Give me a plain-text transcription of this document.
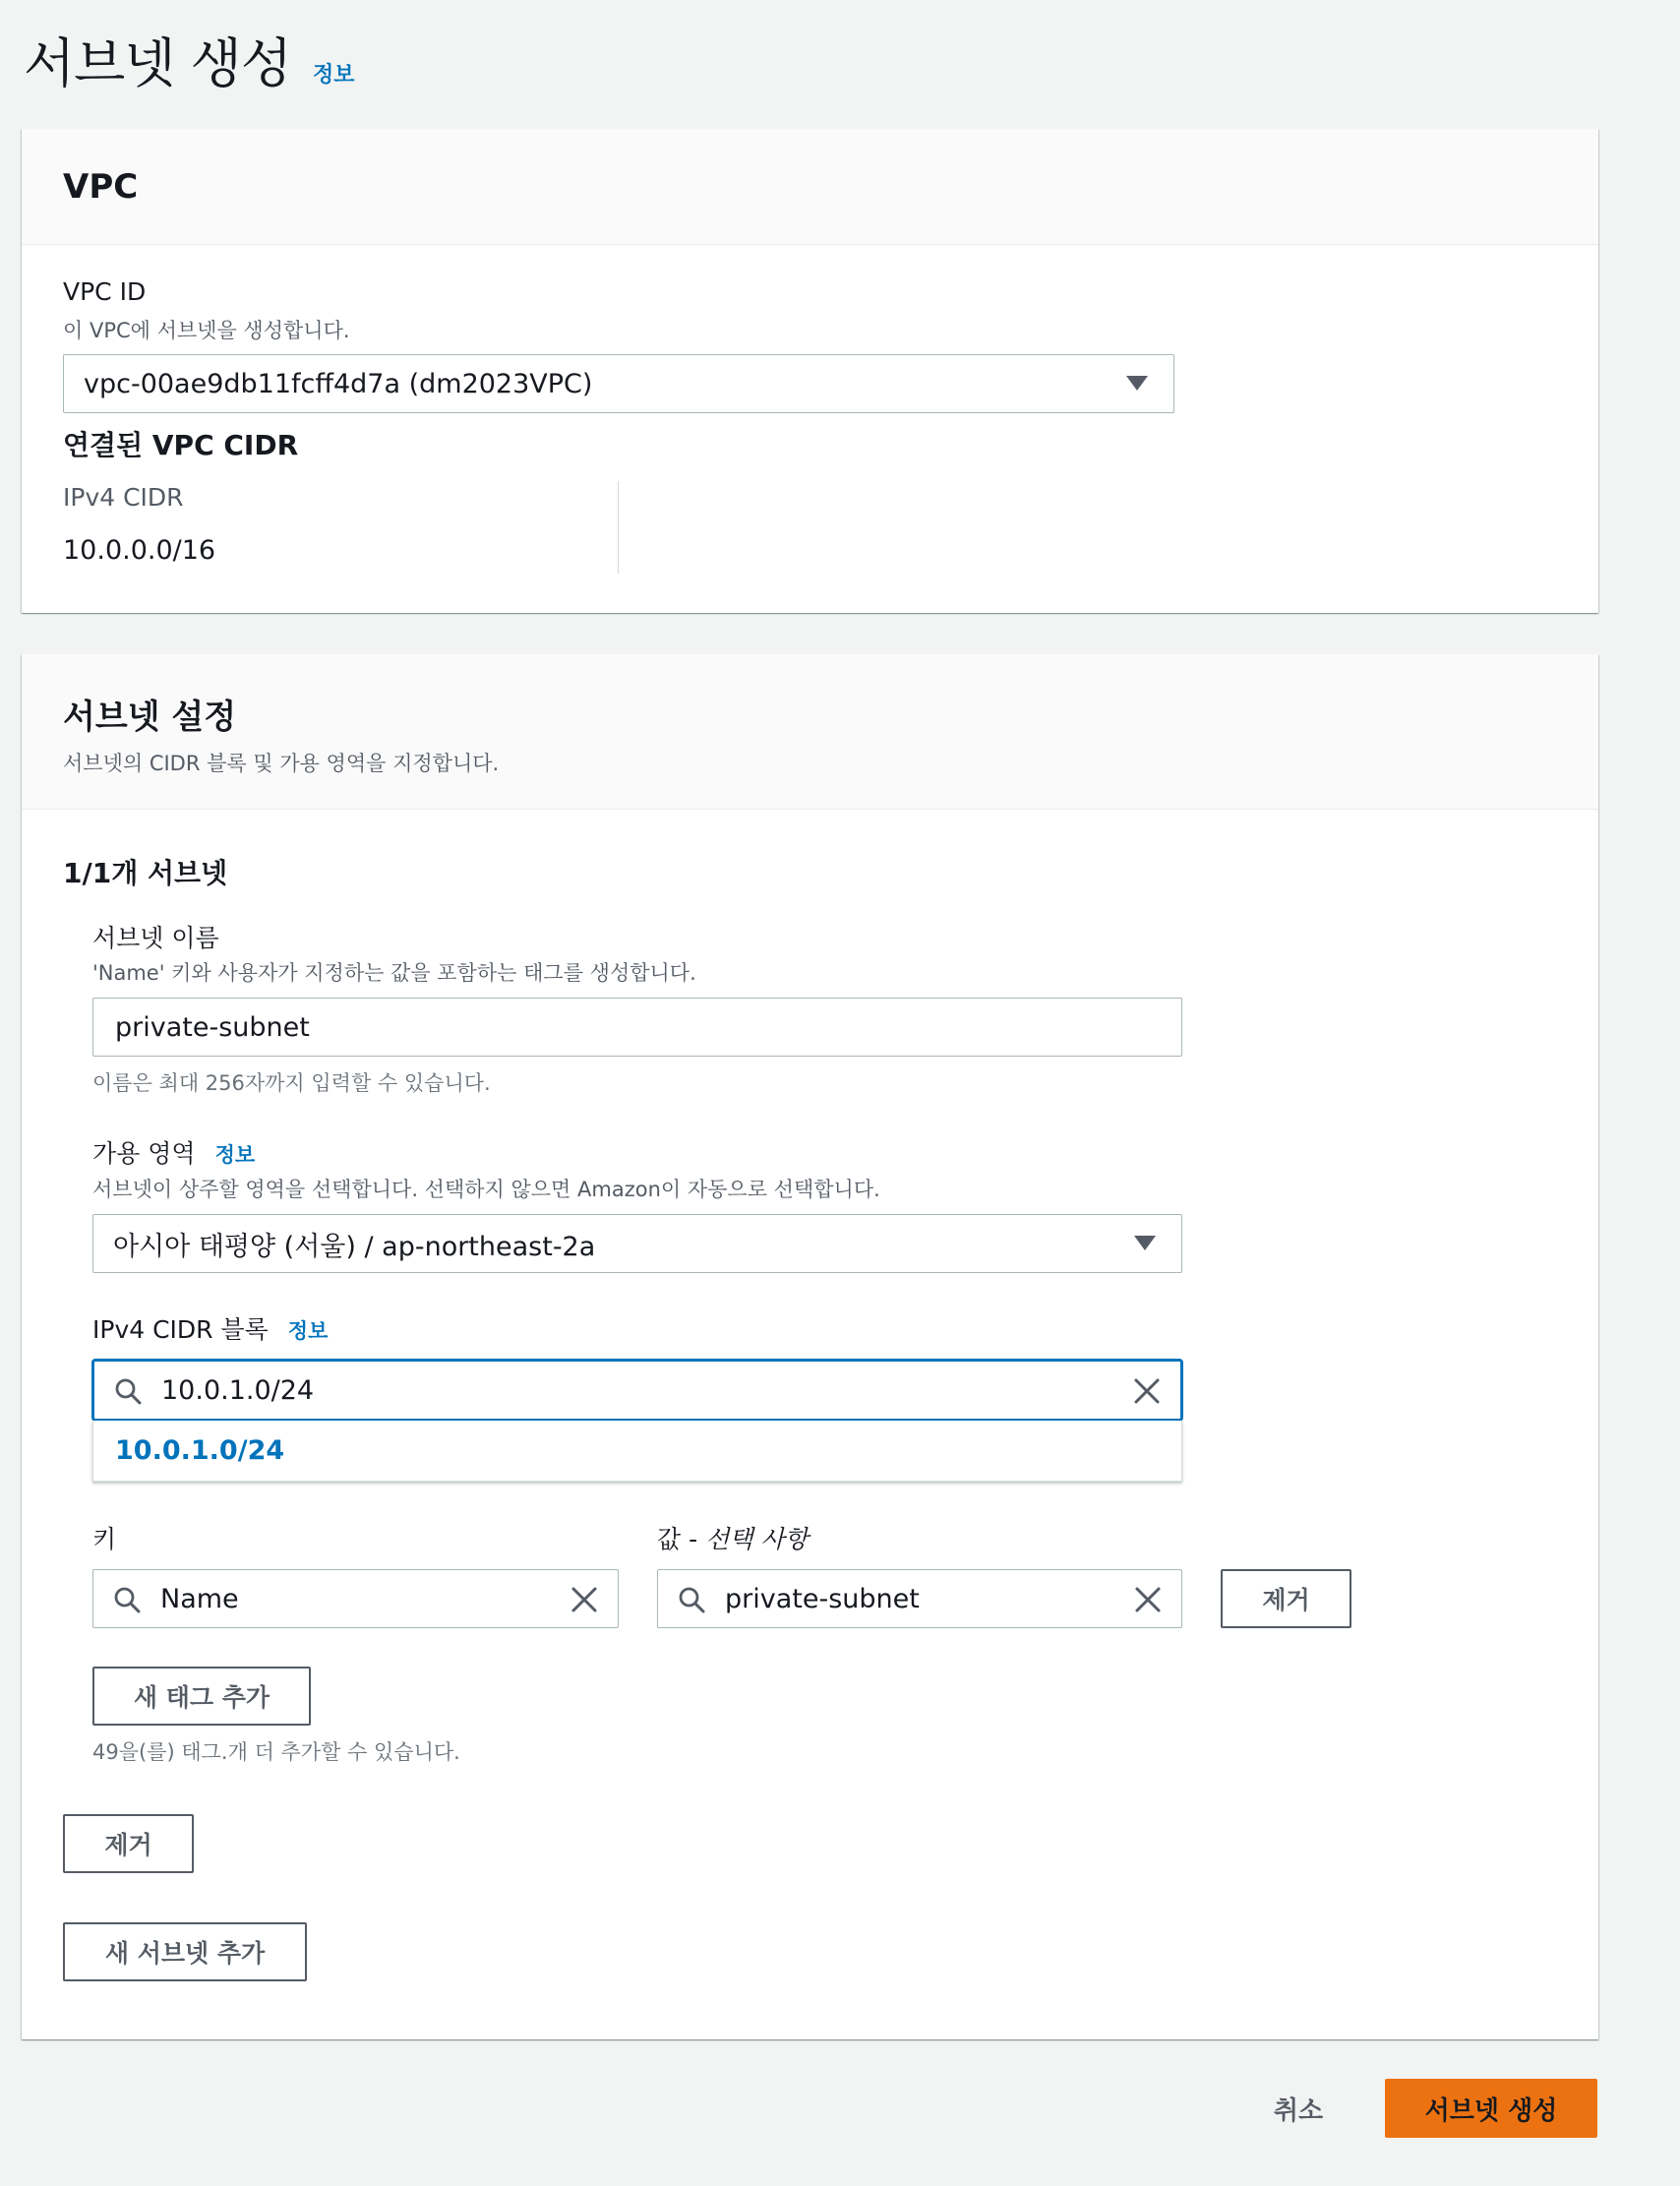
서브넷 생성 정보
VPC
VPC ID
이 VPC에 서브넷을 생성합니다.
vpc-00ae9db11fcff4d7a (dm2023VPC)
연결된 VPC CIDR
IPv4 CIDR
10.0.0.0/16
서브넷 설정
서브넷의 CIDR 블록 및 가용 영역을 지정합니다.
1/1개 서브넷
서브넷 이름
'Name' 키와 사용자가 지정하는 값을 포함하는 태그를 생성합니다.
private-subnet
이름은 최대 256자까지 입력할 수 있습니다.
가용 영역 정보
서브넷이 상주할 영역을 선택합니다. 선택하지 않으면 Amazon이 자동으로 선택합니다.
아시아 태평양 (서울) / ap-northeast-2a
IPv4 CIDR 블록 정보
10.0.1.0/24
10.0.1.0/24
키	값 - 선택 사항
Name	private-subnet	제거
새 태그 추가
49을(를) 태그.개 더 추가할 수 있습니다.
제거
새 서브넷 추가
취소	서브넷 생성
